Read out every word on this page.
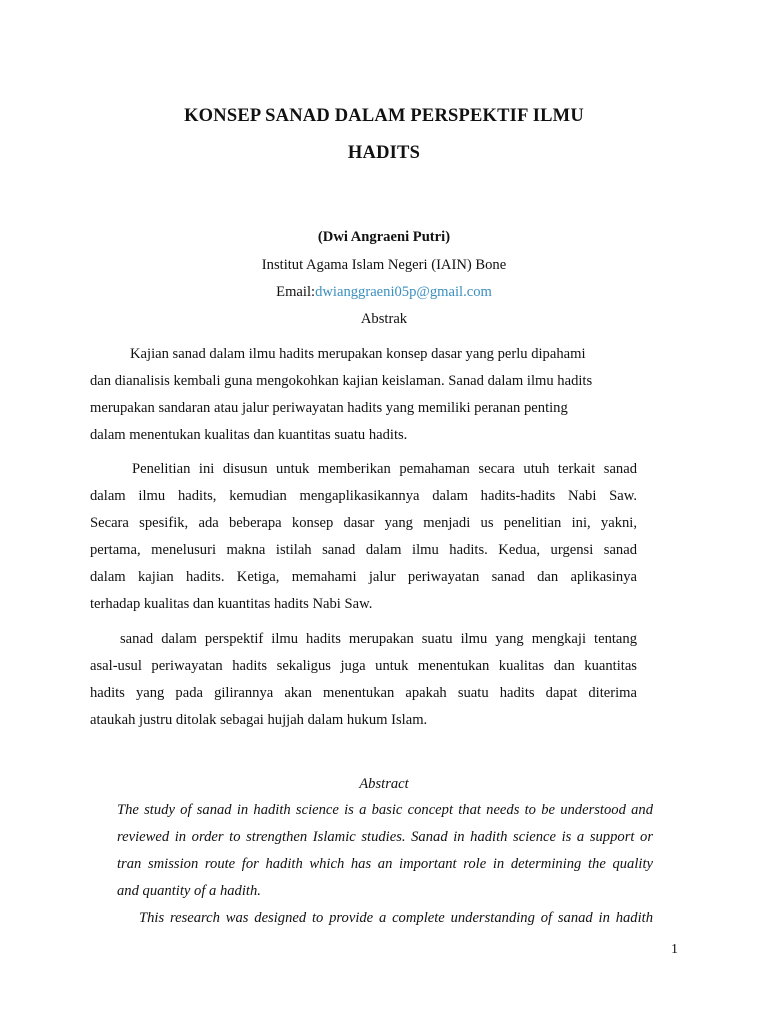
KONSEP SANAD DALAM PERSPEKTIF ILMU
HADITS
(Dwi Angraeni Putri)
Institut Agama Islam Negeri (IAIN) Bone
Email:dwianggraeni05p@gmail.com
Abstrak
Kajian sanad dalam ilmu hadits merupakan konsep dasar yang perlu dipahami
dan dianalisis kembali guna mengokohkan kajian keislaman. Sanad dalam ilmu hadits
merupakan sandaran atau jalur periwayatan hadits yang memiliki peranan penting
dalam menentukan kualitas dan kuantitas suatu hadits.
Penelitian ini disusun untuk memberikan pemahaman secara utuh terkait sanad
dalam ilmu hadits, kemudian mengaplikasikannya dalam hadits-hadits Nabi Saw.
Secara spesifik, ada beberapa konsep dasar yang menjadi us penelitian ini, yakni,
pertama, menelusuri makna istilah sanad dalam ilmu hadits. Kedua, urgensi sanad
dalam kajian hadits. Ketiga, memahami jalur periwayatan sanad dan aplikasinya
terhadap kualitas dan kuantitas hadits Nabi Saw.
sanad dalam perspektif ilmu hadits merupakan suatu ilmu yang mengkaji tentang
asal-usul periwayatan hadits sekaligus juga untuk menentukan kualitas dan kuantitas
hadits yang pada gilirannya akan menentukan apakah suatu hadits dapat diterima
ataukah justru ditolak sebagai hujjah dalam hukum Islam.
Abstract
The study of sanad in hadith science is a basic concept that needs to be understood and
reviewed in order to strengthen Islamic studies. Sanad in hadith science is a support or
tran smission route for hadith which has an important role in determining the quality
and quantity of a hadith.
This research was designed to provide a complete understanding of sanad in hadith
1
